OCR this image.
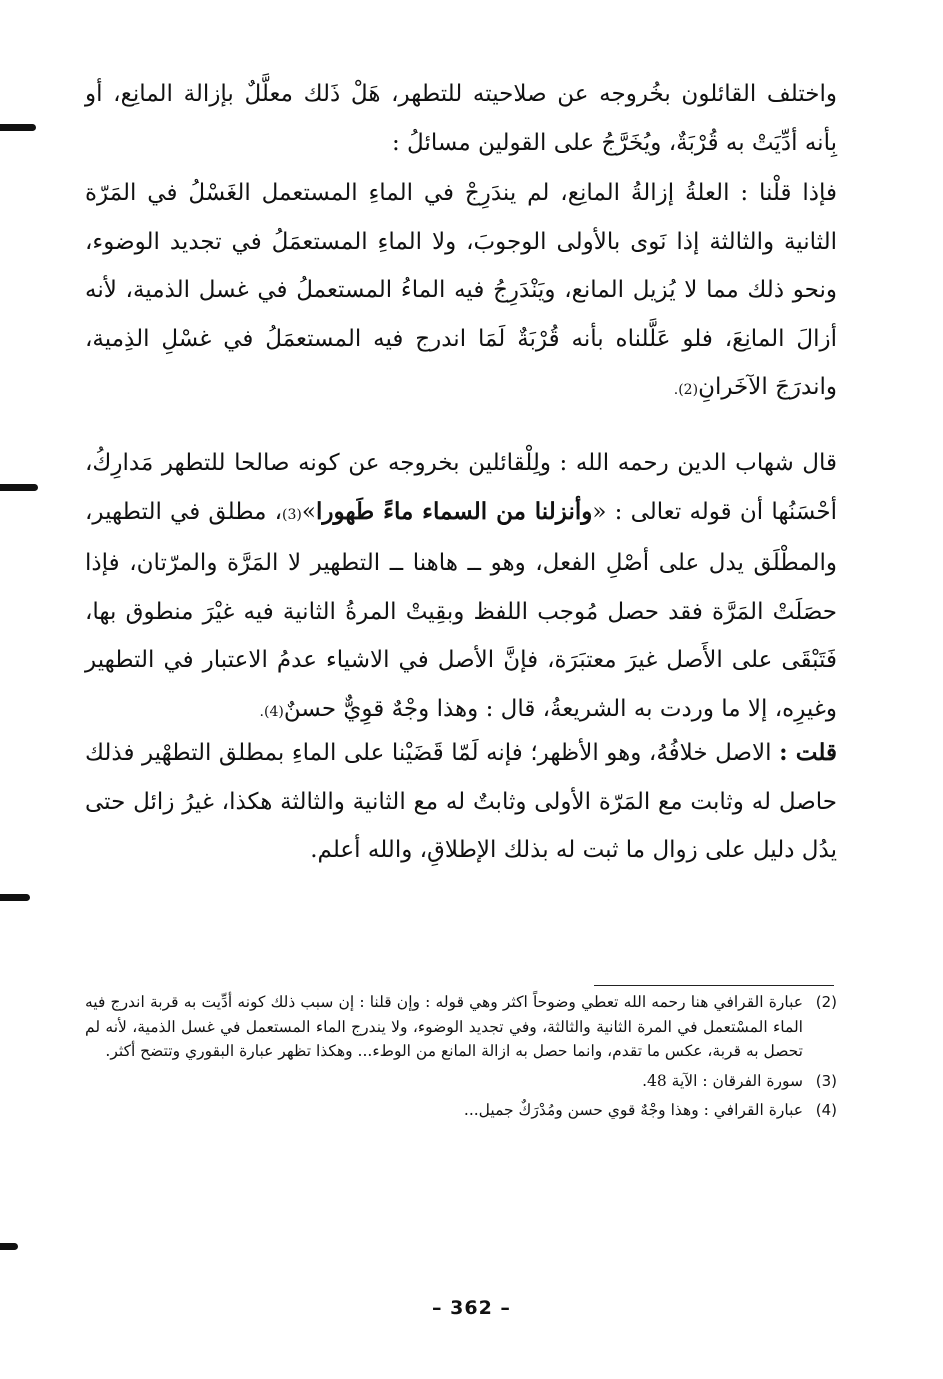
واختلف القائلون بخُروجه عن صلاحيته للتطهر، هَلْ ذَلك معلَّلٌ بإزالة المانِع، أو بِأنه أدِّيَتْ به قُرْبَةٌ، ويُخَرَّجُ على القولين مسائلُ :

فإذا قلْنا : العلةُ إزالةُ المانِع، لم يندَرِجْ في الماءِ المستعمل الغَسْلُ في المَرّة الثانية والثالثة إذا نَوى بالأولى الوجوبَ، ولا الماءِ المستعمَلُ في تجديد الوضوء، ونحو ذلك مما لا يُزيل المانع، ويَنْدَرِجُ فيه الماءُ المستعملُ في غسل الذمية، لأنه أزالَ المانِعَ، فلو عَلَّلناه بأنه قُرْبَةٌ لَمَا اندرج فيه المستعمَلُ في غسْلِ الذِمية، واندرَجَ الآخَرانِ(2).

قال شهاب الدين رحمه الله : ولِلْقائلين بخروجه عن كونه صالحا للتطهر مَدارِكُ، أحْسَنُها أن قوله تعالى : «وأنزلنا من السماء ماءً طَهورا»(3)، مطلق في التطهير، والمطْلَق يدل على أصْلِ الفعل، وهو ــ هاهنا ــ التطهير لا المَرَّة والمرّتان، فإذا حصَلَتْ المَرَّة فقد حصل مُوجب اللفظ وبقِيتْ المرةُ الثانية فيه غيْرَ منطوق بها، فَتَبْقَى على الأَصل غيرَ معتبَرَة، فإنَّ الأصل في الاشياء عدمُ الاعتبار في التطهير وغيرِه، إلا ما وردت به الشريعةُ، قال : وهذا وجْهٌ قوِيٌّ حسنٌ(4).

قلت : الاصل خلافُهُ، وهو الأظهر؛ فإنه لَمّا قَضَيْنا على الماءِ بمطلق التطهْير فذلك حاصل له وثابت مع المَرّة الأولى وثابتٌ له مع الثانية والثالثة هكذا، غيرُ زائل حتى يدُل دليل على زوال ما ثبت له بذلك الإطلاقِ، والله أعلم.

(2)
عبارة القرافي هنا رحمه الله تعطي وضوحاً اكثر وهي قوله : وإن قلنا : إن سبب ذلك كونه أدِّيت به قربة اندرج فيه الماء المسْتعمل في المرة الثانية والثالثة، وفي تجديد الوضوء، ولا يندرج الماء المستعمل في غسل الذمية، لأنه لم تحصل به قربة، عكس ما تقدم، وانما حصل به ازالة المانع من الوطء... وهكذا تظهر عبارة البقوري وتتضح أكثر.
(3)
سورة الفرقان : الآية 48.
(4)
عبارة القرافي : وهذا وجْهٌ قوي حسن ومُدْرَكٌ جميل...
– 362 –
